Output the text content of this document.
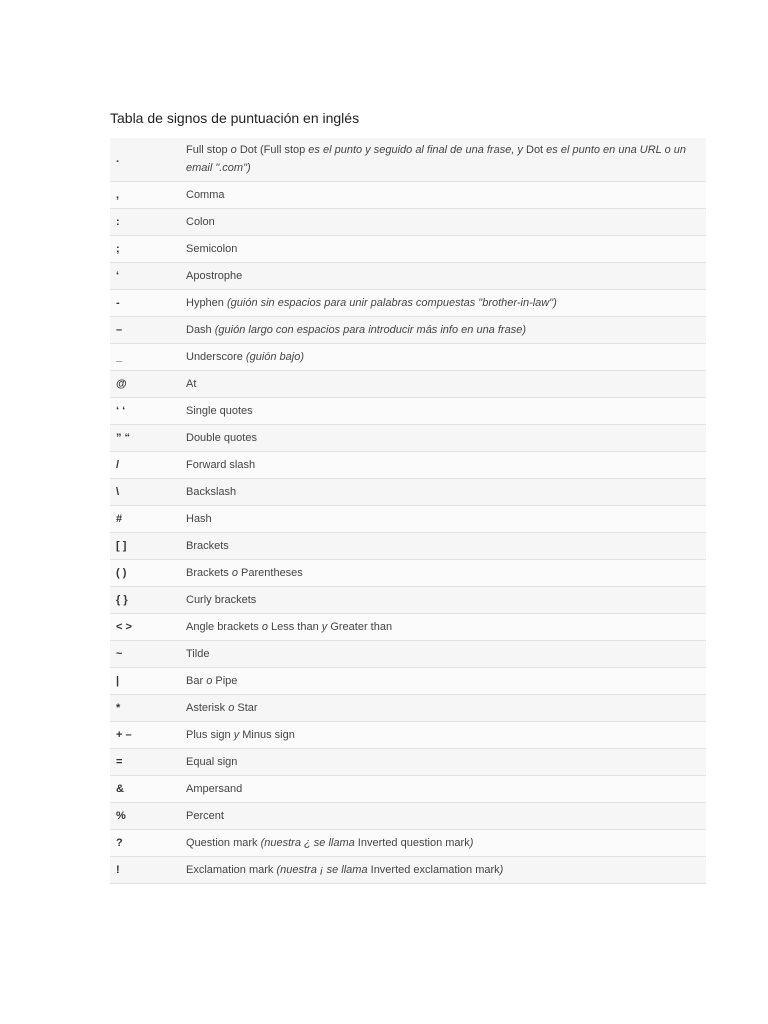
Tabla de signos de puntuación en inglés
.	Full stop o Dot (Full stop es el punto y seguido al final de una frase, y Dot es el punto en una URL o un email ".com")
,	Comma
:	Colon
;	Semicolon
‘	Apostrophe
-	Hyphen (guión sin espacios para unir palabras compuestas "brother-in-law")
–	Dash (guión largo con espacios para introducir más info en una frase)
_	Underscore (guión bajo)
@	At
‘ ‘	Single quotes
” “	Double quotes
/	Forward slash
\	Backslash
#	Hash
[ ]	Brackets
( )	Brackets o Parentheses
{ }	Curly brackets
< >	Angle brackets o Less than y Greater than
~	Tilde
|	Bar o Pipe
*	Asterisk o Star
+ –	Plus sign y Minus sign
=	Equal sign
&	Ampersand
%	Percent
?	Question mark (nuestra ¿ se llama Inverted question mark)
!	Exclamation mark (nuestra ¡ se llama Inverted exclamation mark)
